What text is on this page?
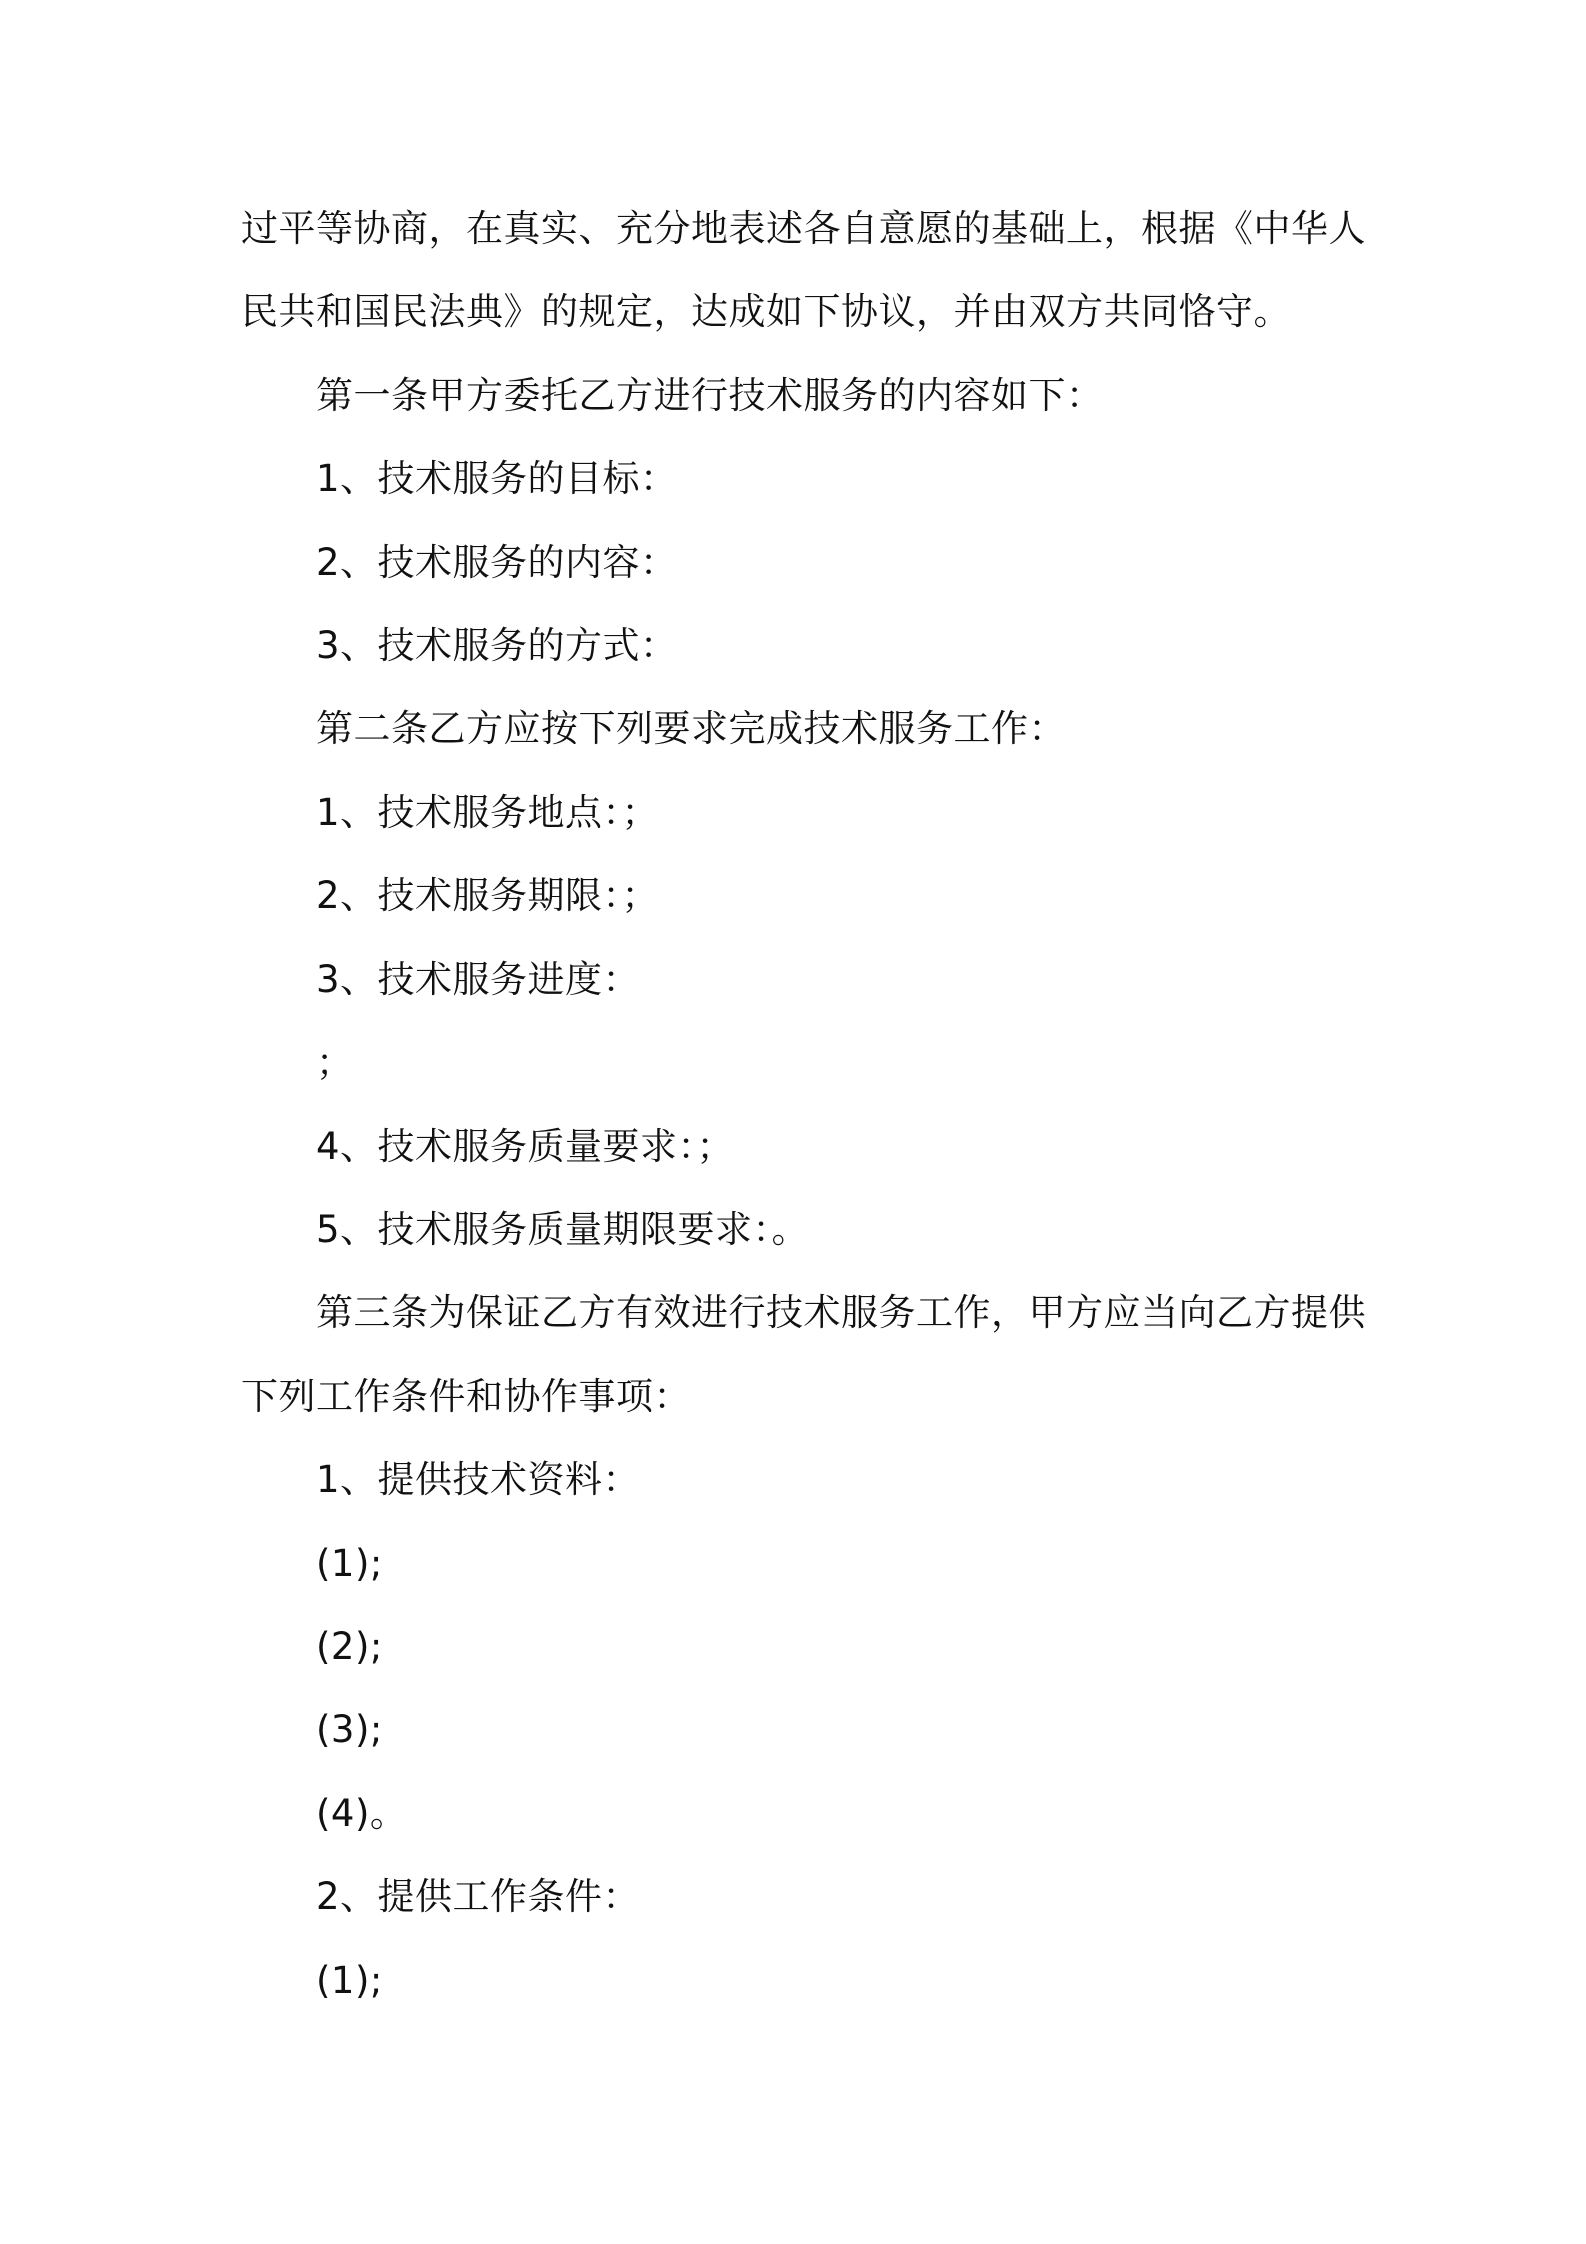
过平等协商，在真实、充分地表述各自意愿的基础上，根据《中华人
民共和国民法典》的规定，达成如下协议，并由双方共同恪守。
第一条甲方委托乙方进行技术服务的内容如下：
1、技术服务的目标：
2、技术服务的内容：
3、技术服务的方式：
第二条乙方应按下列要求完成技术服务工作：
1、技术服务地点：；
2、技术服务期限：；
3、技术服务进度：
；
4、技术服务质量要求：；
5、技术服务质量期限要求：。
第三条为保证乙方有效进行技术服务工作，甲方应当向乙方提供
下列工作条件和协作事项：
1、提供技术资料：
(1);
(2);
(3);
(4)。
2、提供工作条件：
(1);
